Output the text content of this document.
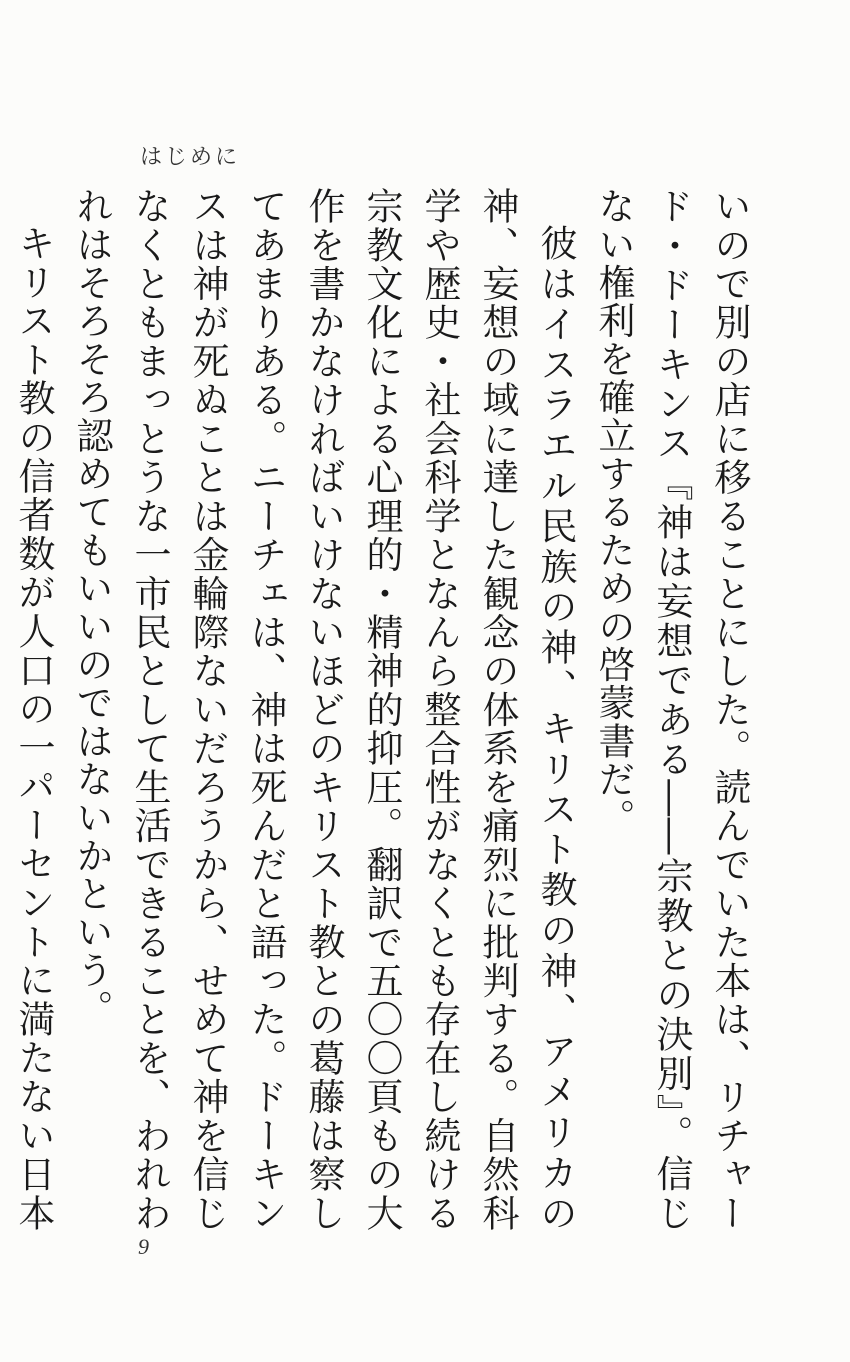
はじめに

いので別の店に移ることにした。読んでいた本は、リチャード・ドーキンス『神は妄想である――宗教との決別』。信じない権利を確立するための啓蒙書だ。

彼はイスラエル民族の神、キリスト教の神、アメリカの神、妄想の域に達した観念の体系を痛烈に批判する。自然科学や歴史・社会科学となんら整合性がなくとも存在し続ける宗教文化による心理的・精神的抑圧。翻訳で五〇〇頁もの大作を書かなければいけないほどのキリスト教との葛藤は察してあまりある。ニーチェは、神は死んだと語った。ドーキンスは神が死ぬことは金輪際ないだろうから、せめて神を信じなくともまっとうな一市民として生活できることを、われわれはそろそろ認めてもいいのではないかという。

キリスト教の信者数が人口の一パーセントに満たない日本

9
